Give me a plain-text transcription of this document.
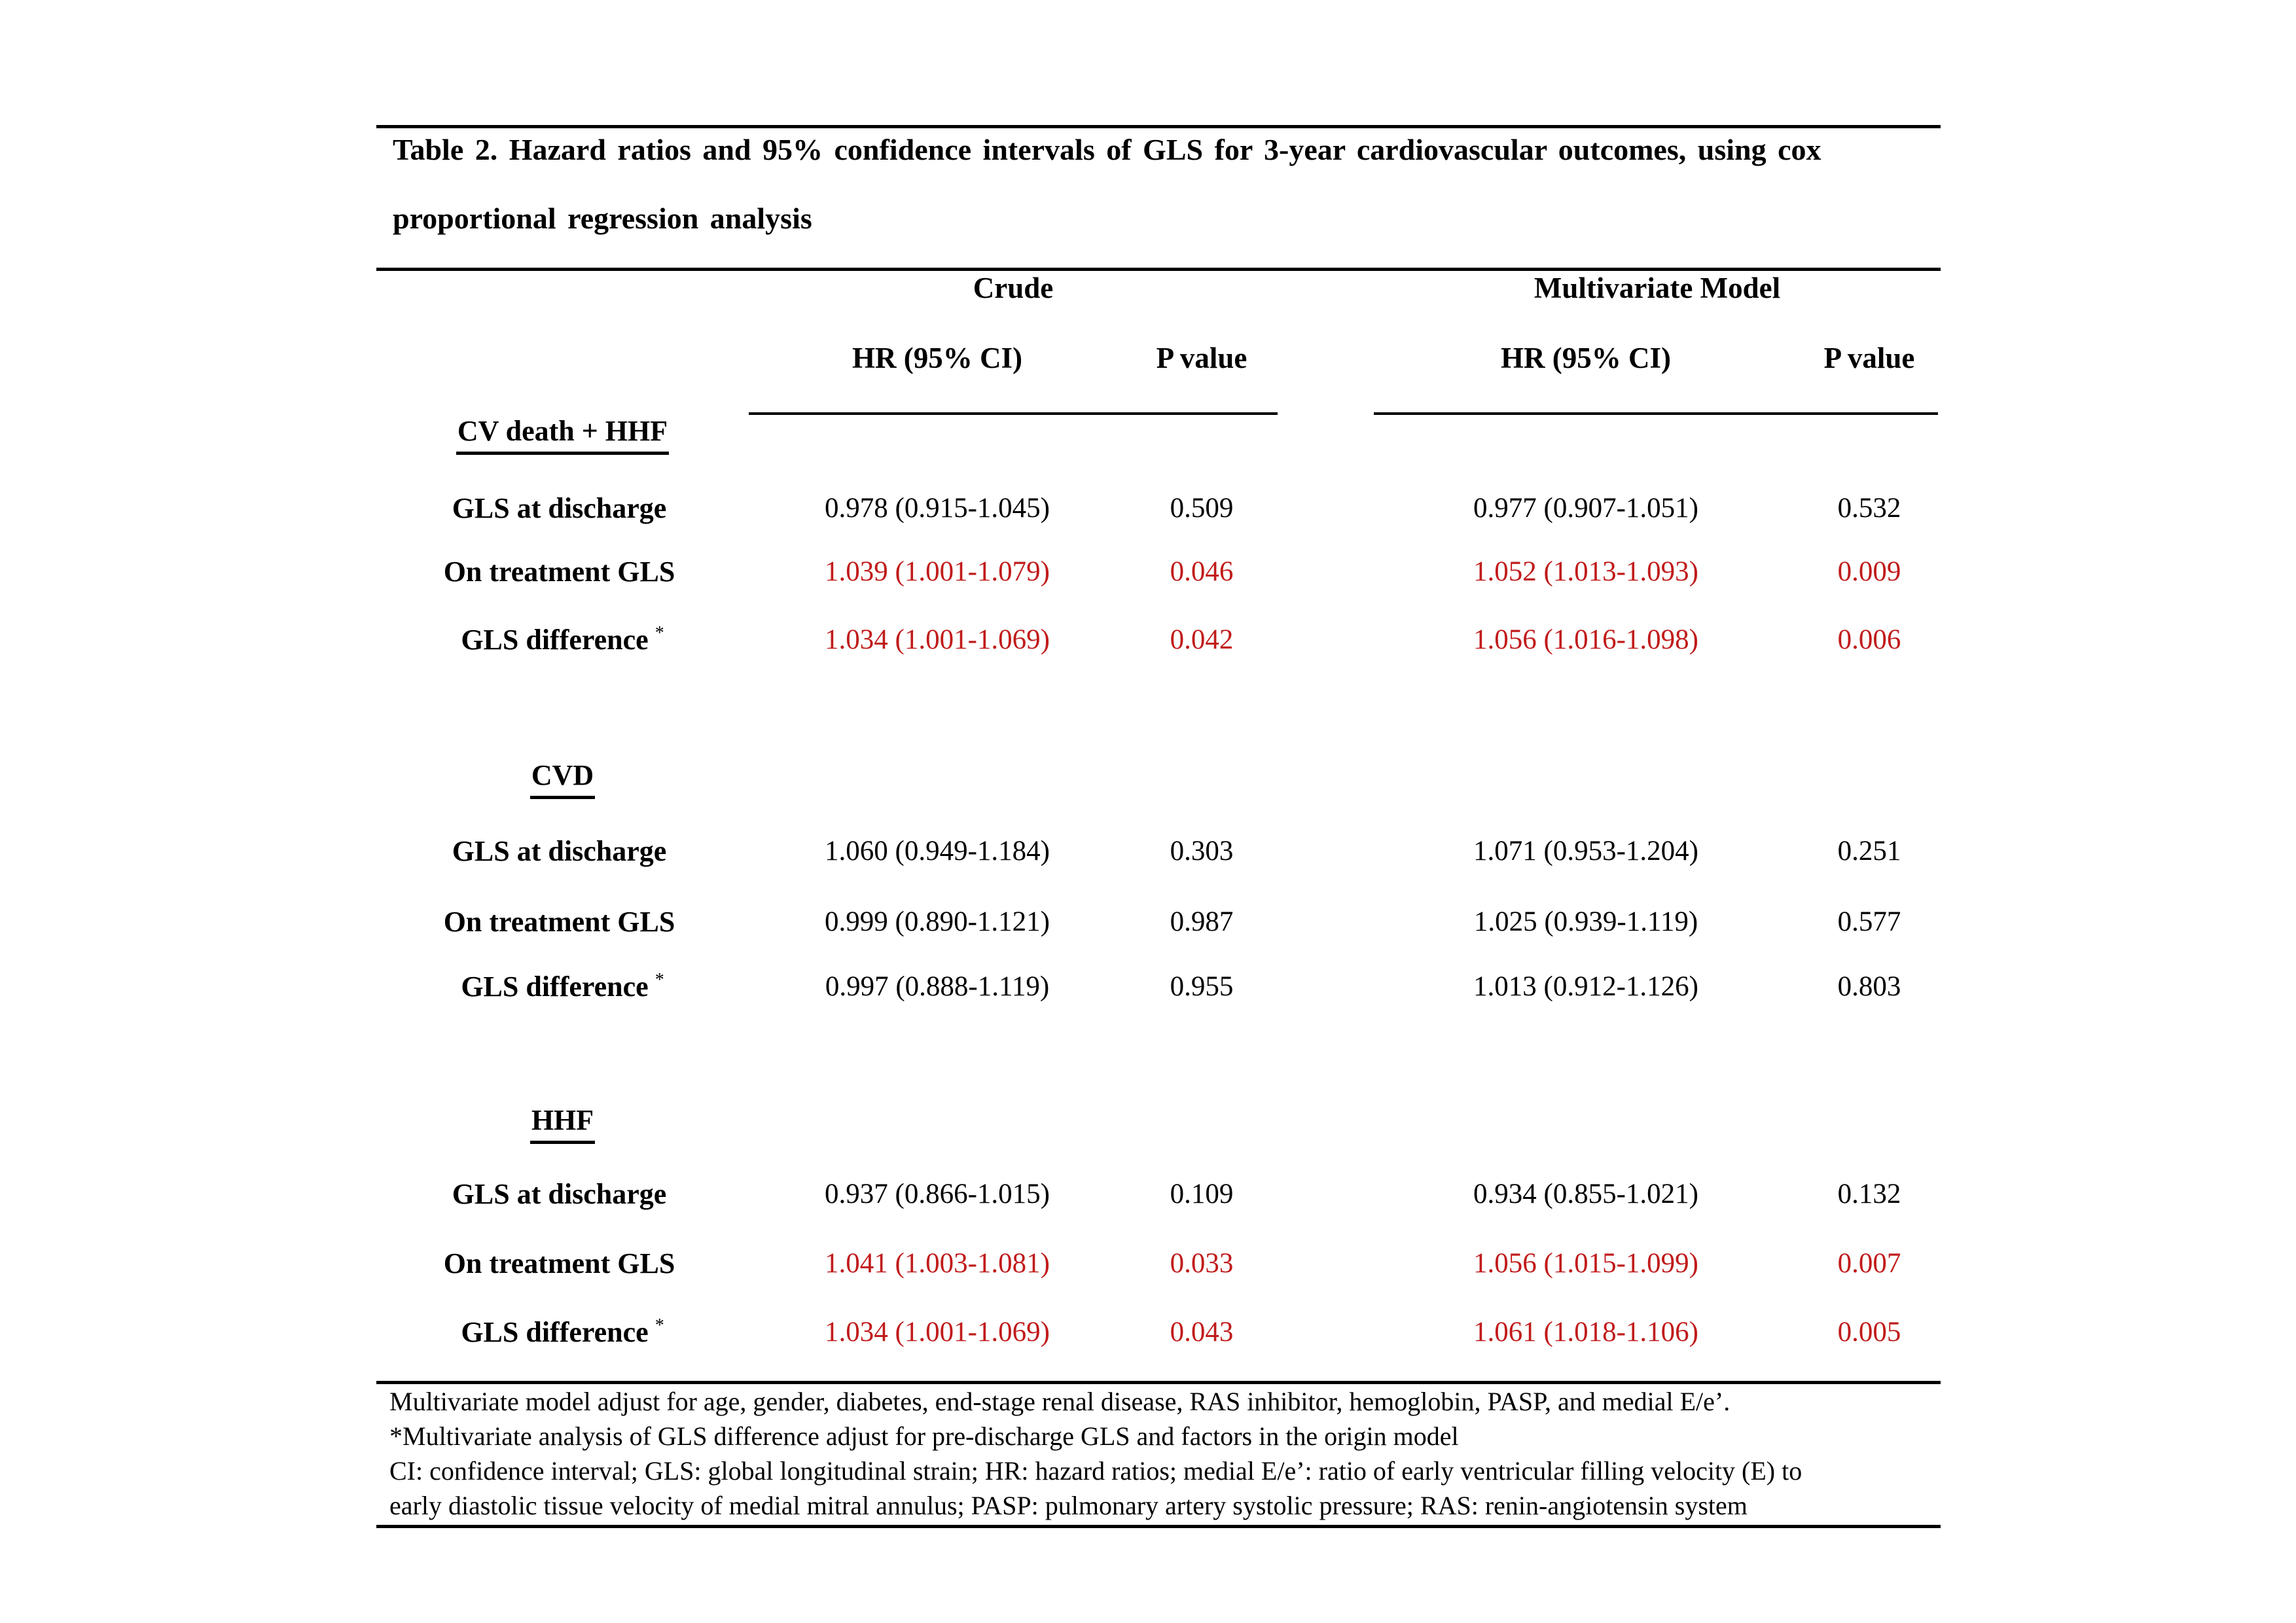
Table 2. Hazard ratios and 95% confidence intervals of GLS for 3-year cardiovascular outcomes, using cox
proportional regression analysis
Crude	Multivariate Model
HR (95% CI)	P value	HR (95% CI)	P value
CV death + HHF
GLS at discharge	0.978 (0.915-1.045)	0.509	0.977 (0.907-1.051)	0.532
On treatment GLS	1.039 (1.001-1.079)	0.046	1.052 (1.013-1.093)	0.009
GLS difference *	1.034 (1.001-1.069)	0.042	1.056 (1.016-1.098)	0.006
CVD
GLS at discharge	1.060 (0.949-1.184)	0.303	1.071 (0.953-1.204)	0.251
On treatment GLS	0.999 (0.890-1.121)	0.987	1.025 (0.939-1.119)	0.577
GLS difference *	0.997 (0.888-1.119)	0.955	1.013 (0.912-1.126)	0.803
HHF
GLS at discharge	0.937 (0.866-1.015)	0.109	0.934 (0.855-1.021)	0.132
On treatment GLS	1.041 (1.003-1.081)	0.033	1.056 (1.015-1.099)	0.007
GLS difference *	1.034 (1.001-1.069)	0.043	1.061 (1.018-1.106)	0.005
Multivariate model adjust for age, gender, diabetes, end-stage renal disease, RAS inhibitor, hemoglobin, PASP, and medial E/e’.
*Multivariate analysis of GLS difference adjust for pre-discharge GLS and factors in the origin model
CI: confidence interval; GLS: global longitudinal strain; HR: hazard ratios; medial E/e’: ratio of early ventricular filling velocity (E) to
early diastolic tissue velocity of medial mitral annulus; PASP: pulmonary artery systolic pressure; RAS: renin-angiotensin system
